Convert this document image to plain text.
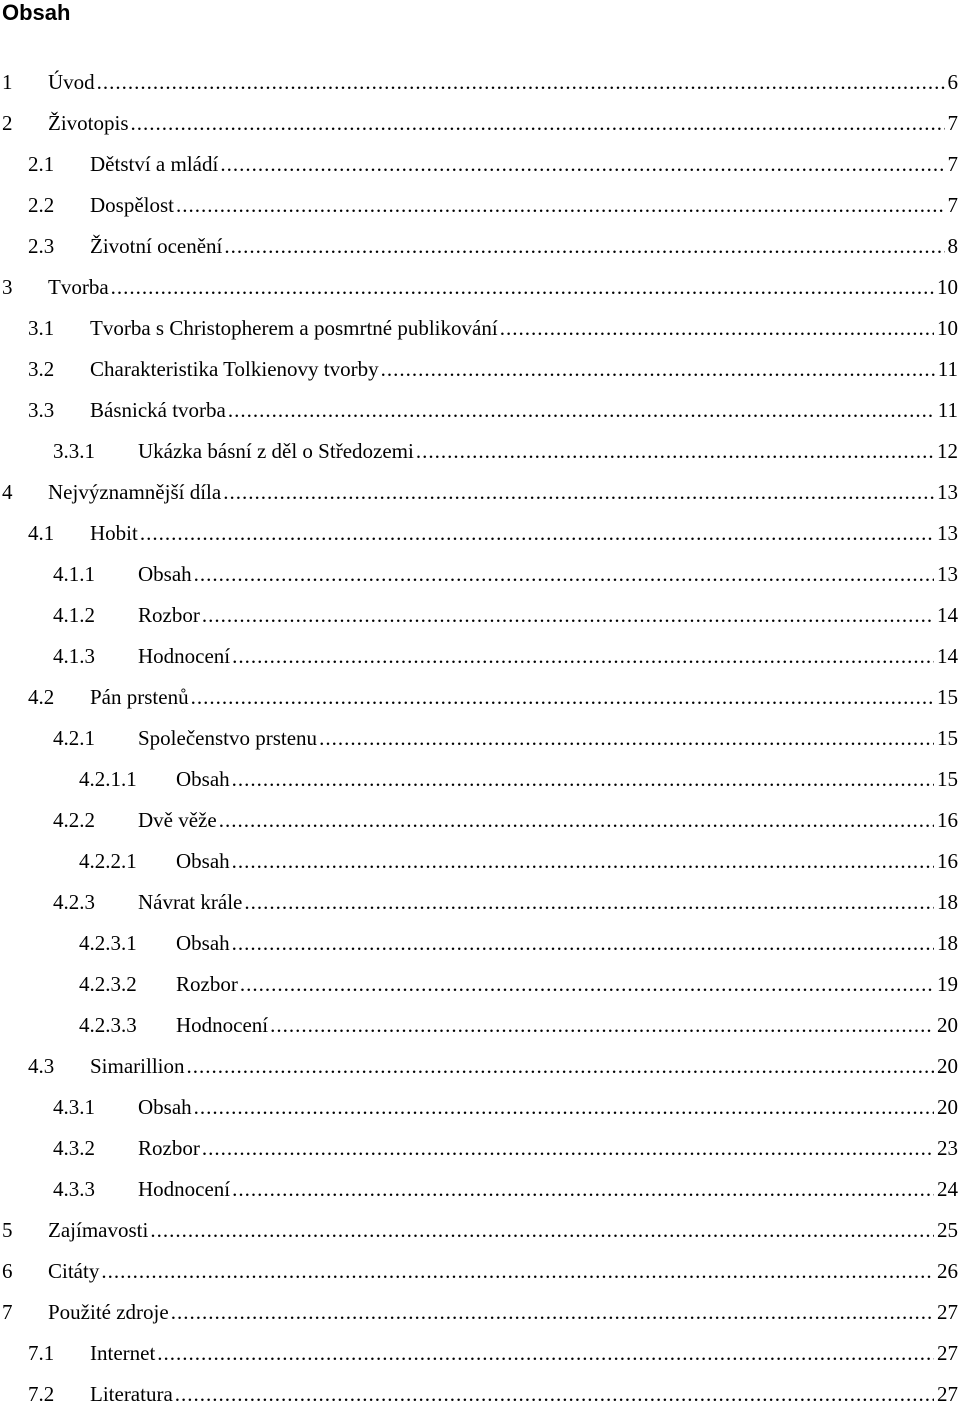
Obsah
1 Úvod .....	6
2 Životopis .....	7
2.1 Dětství a mládí .....	7
2.2 Dospělost .....	7
2.3 Životní ocenění .....	8
3 Tvorba .....	10
3.1 Tvorba s Christopherem a posmrtné publikování .....	10
3.2 Charakteristika Tolkienovy tvorby .....	11
3.3 Básnická tvorba .....	11
3.3.1 Ukázka básní z děl o Středozemi .....	12
4 Nejvýznamnější díla .....	13
4.1 Hobit .....	13
4.1.1 Obsah .....	13
4.1.2 Rozbor .....	14
4.1.3 Hodnocení .....	14
4.2 Pán prstenů .....	15
4.2.1 Společenstvo prstenu .....	15
4.2.1.1 Obsah .....	15
4.2.2 Dvě věže .....	16
4.2.2.1 Obsah .....	16
4.2.3 Návrat krále .....	18
4.2.3.1 Obsah .....	18
4.2.3.2 Rozbor .....	19
4.2.3.3 Hodnocení .....	20
4.3 Simarillion .....	20
4.3.1 Obsah .....	20
4.3.2 Rozbor .....	23
4.3.3 Hodnocení .....	24
5 Zajímavosti .....	25
6 Citáty .....	26
7 Použité zdroje .....	27
7.1 Internet .....	27
7.2 Literatura .....	27
